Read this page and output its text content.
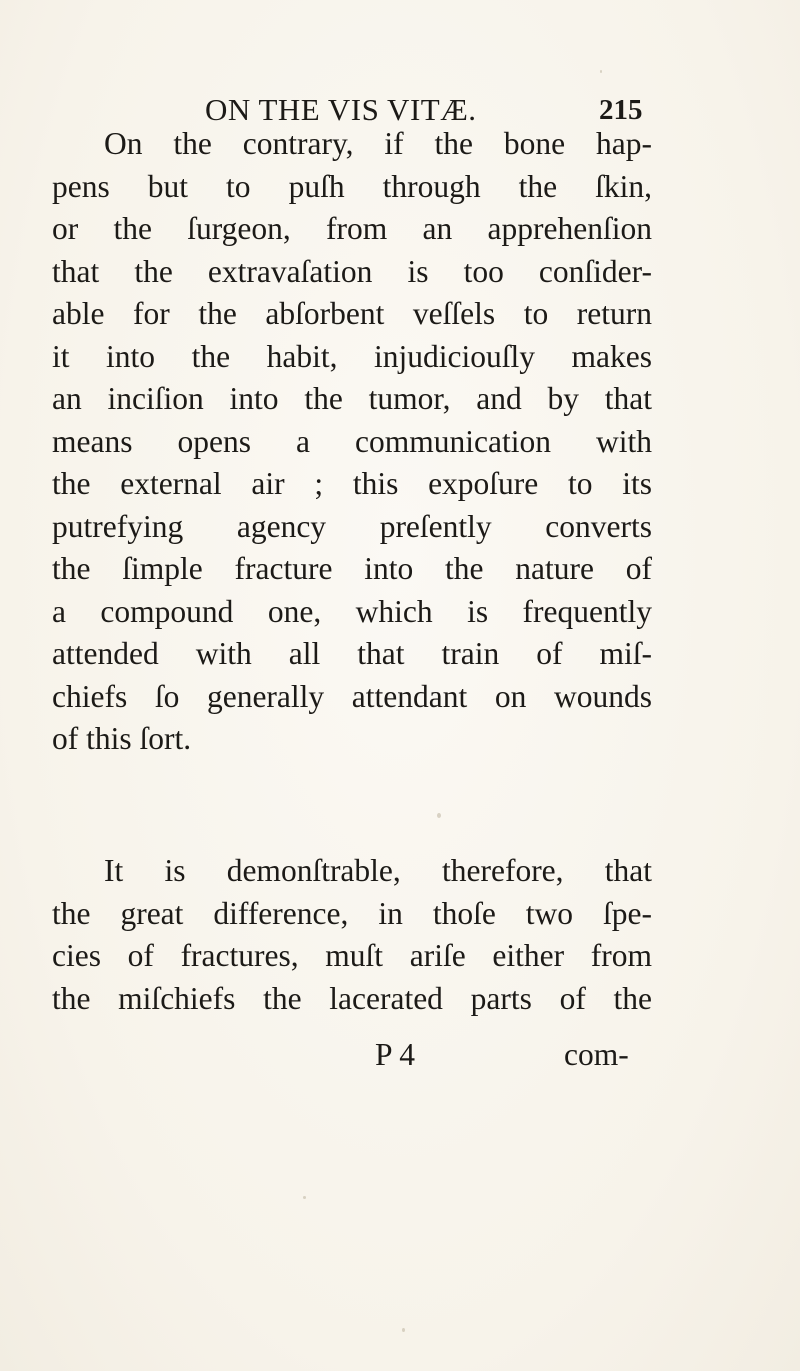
ON THE VIS VITÆ.	215
On the contrary, if the bone hap-
pens but to puſh through the ſkin,
or the ſurgeon, from an apprehenſion
that the extravaſation is too conſider-
able for the abſorbent veſſels to return
it into the habit, injudiciouſly makes
an inciſion into the tumor, and by that
means opens a communication with
the external air ; this expoſure to its
putrefying agency preſently converts
the ſimple fracture into the nature of
a compound one, which is frequently
attended with all that train of miſ-
chiefs ſo generally attendant on wounds
of this ſort.
It is demonſtrable, therefore, that
the great difference, in thoſe two ſpe-
cies of fractures, muſt ariſe either from
the miſchiefs the lacerated parts of the
P 4	com-
